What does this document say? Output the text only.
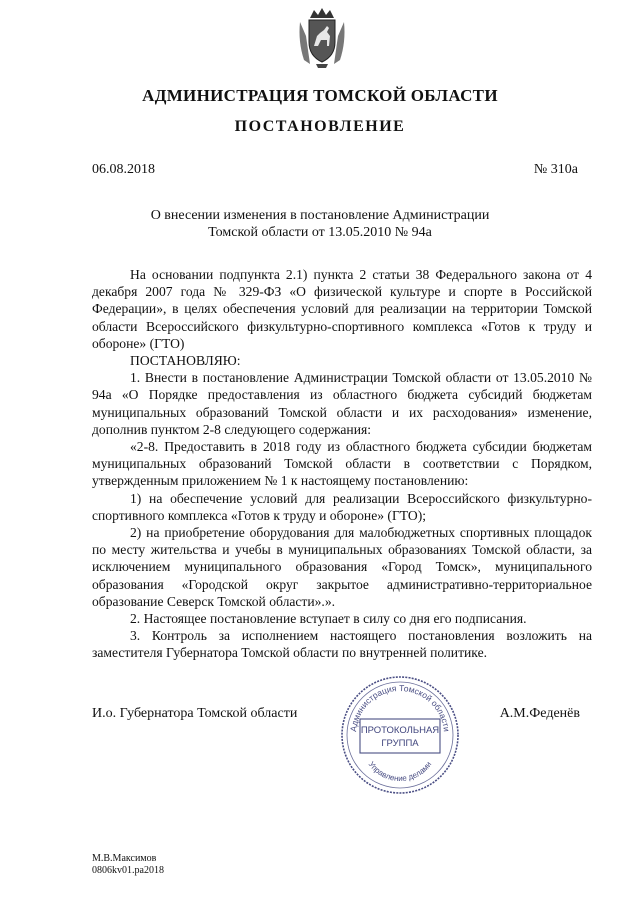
АДМИНИСТРАЦИЯ ТОМСКОЙ ОБЛАСТИ
ПОСТАНОВЛЕНИЕ
06.08.2018	№ 310а
О внесении изменения в постановление Администрации
Томской области от 13.05.2010 № 94а

На основании подпункта 2.1) пункта 2 статьи 38 Федерального закона от 4 декабря 2007 года № 329-ФЗ «О физической культуре и спорте в Российской Федерации», в целях обеспечения условий для реализации на территории Томской области Всероссийского физкультурно-спортивного комплекса «Готов к труду и обороне» (ГТО)

ПОСТАНОВЛЯЮ:

1. Внести в постановление Администрации Томской области от 13.05.2010 № 94а «О Порядке предоставления из областного бюджета субсидий бюджетам муниципальных образований Томской области и их расходования» изменение, дополнив пунктом 2-8 следующего содержания:

«2-8. Предоставить в 2018 году из областного бюджета субсидии бюджетам муниципальных образований Томской области в соответствии с Порядком, утвержденным приложением № 1 к настоящему постановлению:

1) на обеспечение условий для реализации Всероссийского физкультурно-спортивного комплекса «Готов к труду и обороне» (ГТО);

2) на приобретение оборудования для малобюджетных спортивных площадок по месту жительства и учебы в муниципальных образованиях Томской области, за исключением муниципального образования «Город Томск», муниципального образования «Городской округ закрытое административно-территориальное образование Северск Томской области».».

2. Настоящее постановление вступает в силу со дня его подписания.

3. Контроль за исполнением настоящего постановления возложить на заместителя Губернатора Томской области по внутренней политике.

И.о. Губернатора Томской области	А.М.Феденёв
Администрация Томской области
Управление делами
ПРОТОКОЛЬНАЯ
ГРУППА
М.В.Максимов
0806kv01.pa2018
